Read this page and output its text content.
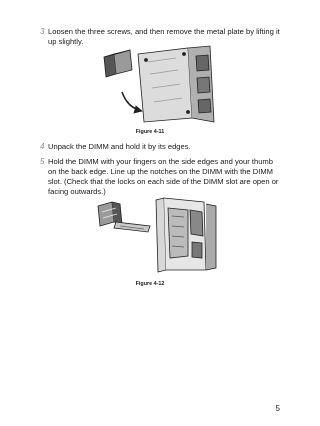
3 Loosen the three screws, and then remove the metal plate by lifting it up slightly.
Figure 4-11
4 Unpack the DIMM and hold it by its edges.
5 Hold the DIMM with your fingers on the side edges and your thumb on the back edge. Line up the notches on the DIMM with the DIMM slot. (Check that the locks on each side of the DIMM slot are open or facing outwards.)
Figure 4-12
5
